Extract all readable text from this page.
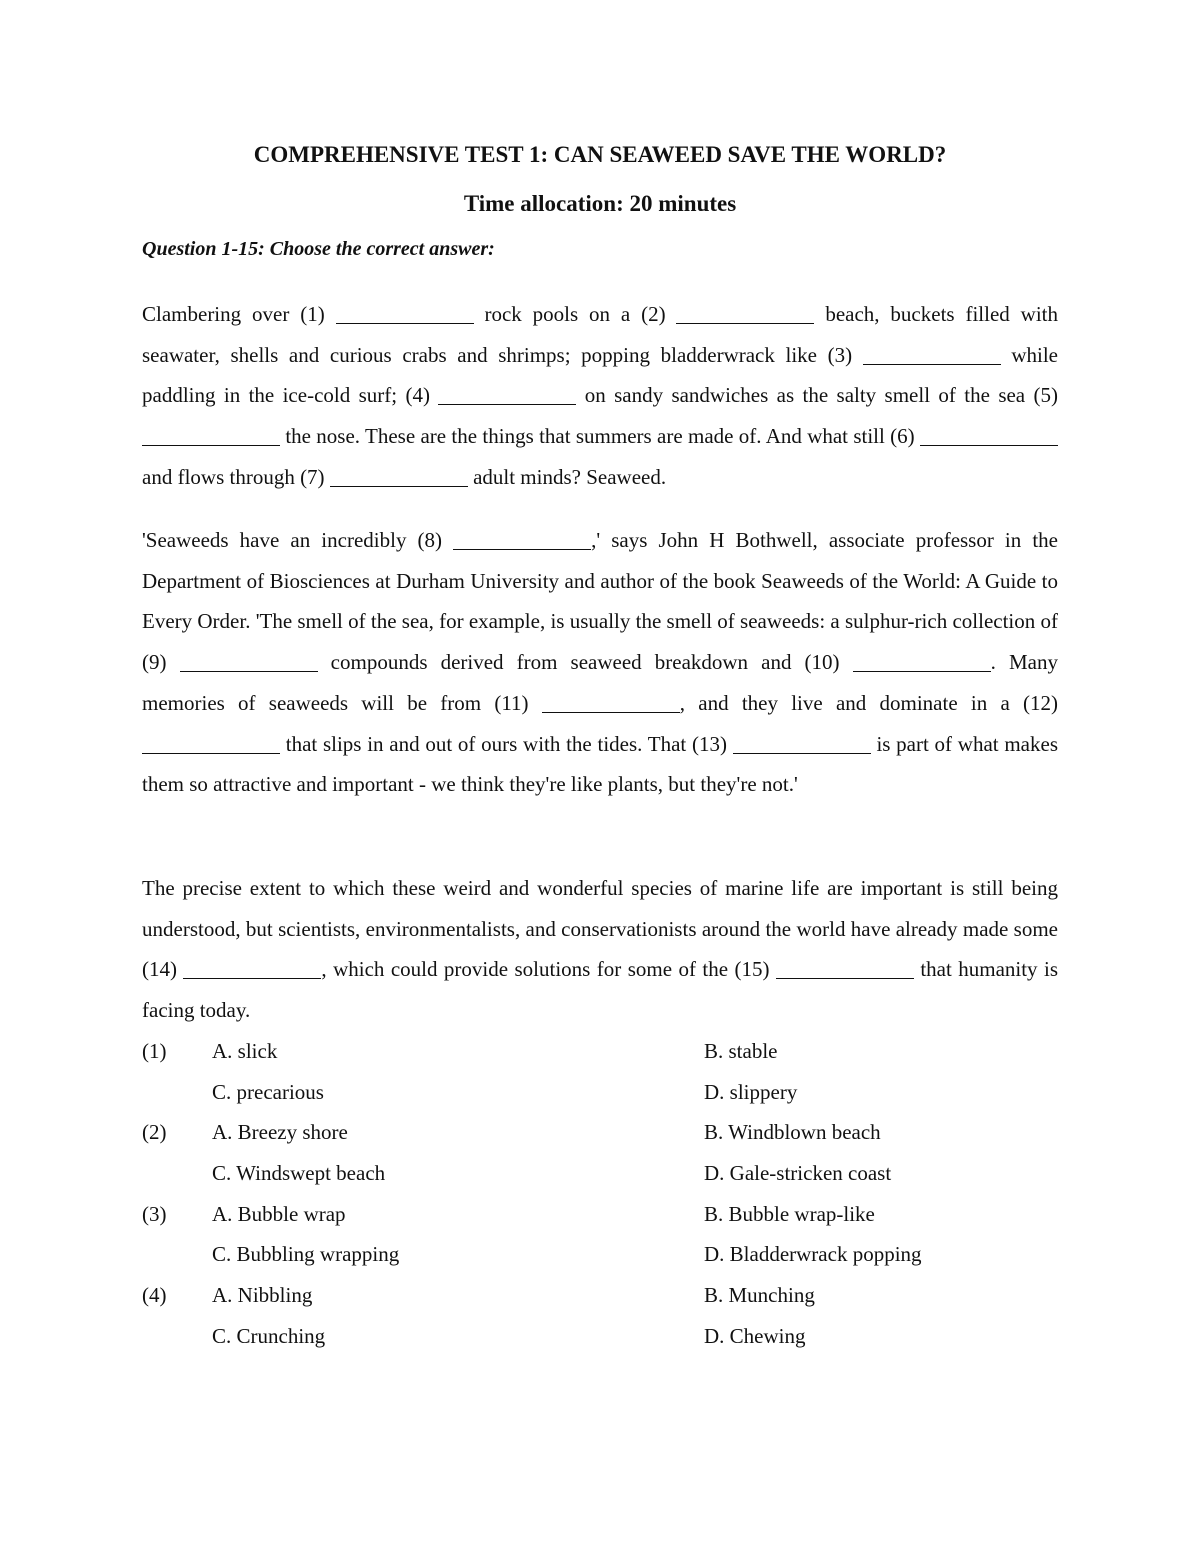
COMPREHENSIVE TEST 1: CAN SEAWEED SAVE THE WORLD?
Time allocation: 20 minutes

Question 1-15: Choose the correct answer:

Clambering over (1)	rock pools on a (2)	beach, buckets filled with seawater, shells and curious crabs and shrimps; popping bladderwrack like (3)	while paddling in the ice-cold surf; (4)	on sandy sandwiches as the salty smell of the sea (5)  the nose. These are the things that summers are made of. And what still (6)  and flows through (7)	adult minds? Seaweed.

'Seaweeds have an incredibly (8)	,' says John H Bothwell, associate professor in the Department of Biosciences at Durham University and author of the book Seaweeds of the World: A Guide to Every Order. 'The smell of the sea, for example, is usually the smell of seaweeds: a sulphur-rich collection of (9)	compounds derived from seaweed breakdown and (10)	. Many memories of seaweeds will be from (11)	, and they live and dominate in a (12)  that slips in and out of ours with the tides. That (13)	is part of what makes them so attractive and important - we think they're like plants, but they're not.'

The precise extent to which these weird and wonderful species of marine life are important is still being understood, but scientists, environmentalists, and conservationists around the world have already made some (14)	, which could provide solutions for some of the (15)	that humanity is facing today.

(1) A. slick	B. stable
C. precarious	D. slippery
(2) A. Breezy shore	B. Windblown beach
C. Windswept beach	D. Gale-stricken coast
(3) A. Bubble wrap	B. Bubble wrap-like
C. Bubbling wrapping	D. Bladderwrack popping
(4) A. Nibbling	B. Munching
C. Crunching	D. Chewing
